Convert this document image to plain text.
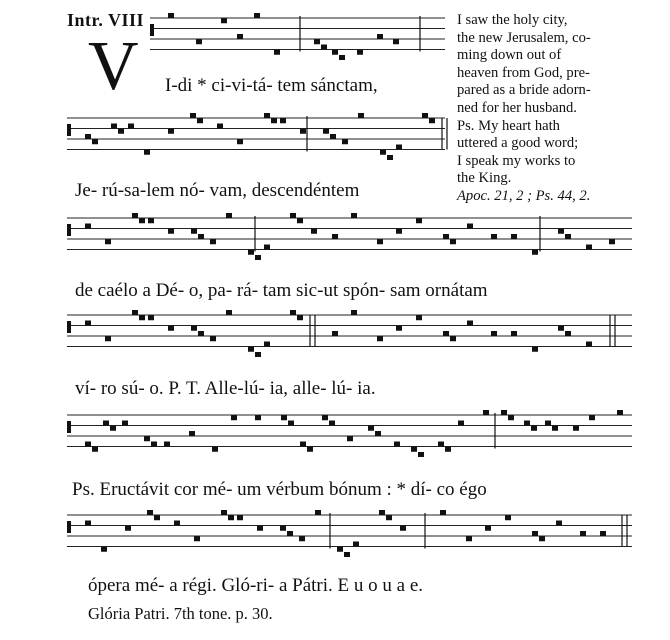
Intr. VIII
V
I saw the holy city,
the new Jerusalem, co-
ming down out of
heaven from God, pre-
pared as a bride adorn-
ned for her husband.
Ps. My heart hath
uttered a good word;
I speak my works to
the King.
Apoc. 21, 2 ; Ps. 44, 2.
I-di * ci-vi-tá- tem sánctam,
Je- rú-sa-lem nó- vam, descendéntem
de caélo a Dé- o, pa- rá- tam sic-ut spón- sam ornátam
ví- ro sú- o. P. T. Alle-lú- ia, alle- lú- ia.
Ps. Eructávit cor mé- um vérbum bónum : * dí- co égo
ópera mé- a régi. Gló-ri- a Pátri. E u o u a e.
Glória Patri. 7th tone. p. 30.
